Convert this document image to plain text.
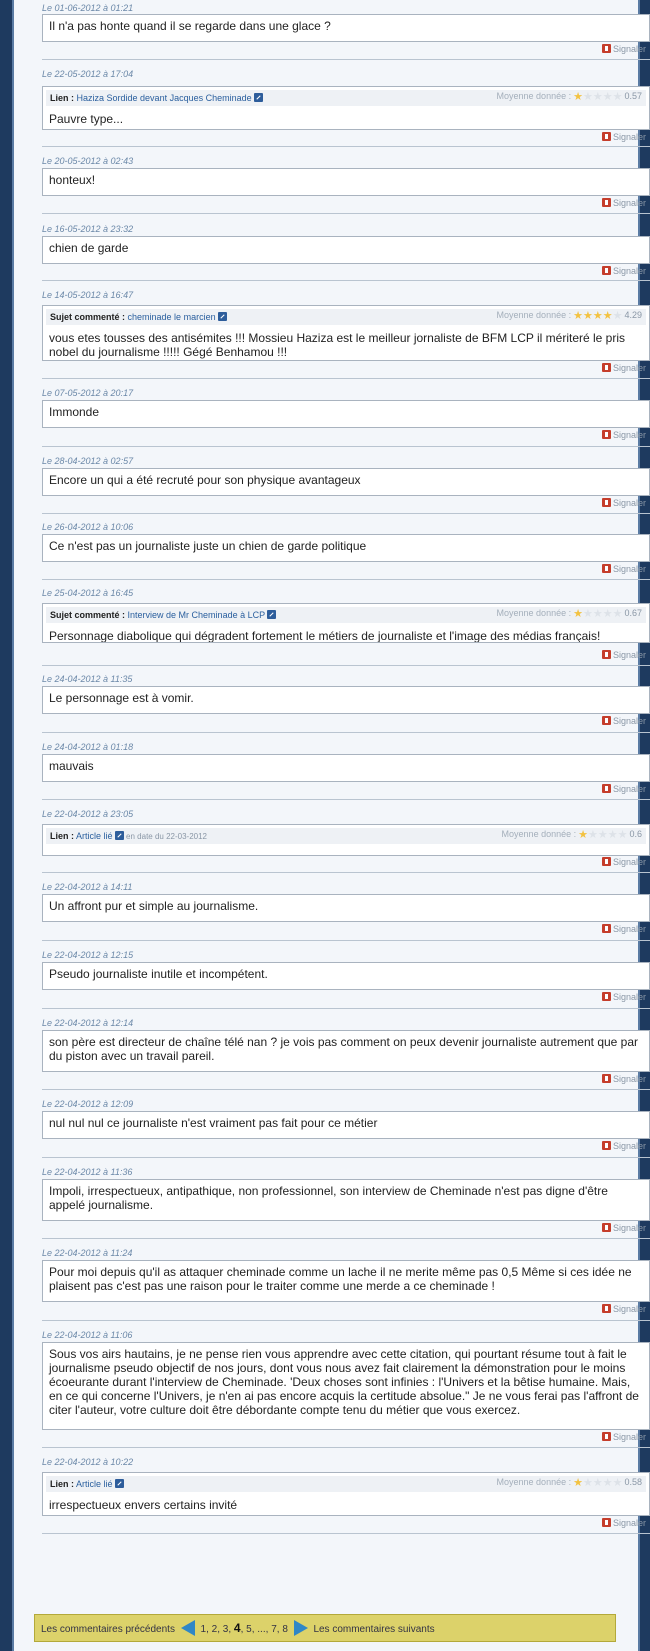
Le 01-06-2012 à 01:21
Il n'a pas honte quand il se regarde dans une glace ?
Signaler
Le 22-05-2012 à 17:04
Lien : Haziza Sordide devant Jacques Cheminade	Moyenne donnée : ★★★★★ 0.57
Pauvre type...
Signaler
Le 20-05-2012 à 02:43
honteux!
Signaler
Le 16-05-2012 à 23:32
chien de garde
Signaler
Le 14-05-2012 à 16:47
Sujet commenté : cheminade le marcien	Moyenne donnée : ★★★★★ 4.29
vous etes tousses des antisémites !!! Mossieu Haziza est le meilleur jornaliste de BFM LCP il mériteré le pris nobel du journalisme !!!!! Gégé Benhamou !!!
Signaler
Le 07-05-2012 à 20:17
Immonde
Signaler
Le 28-04-2012 à 02:57
Encore un qui a été recruté pour son physique avantageux
Signaler
Le 26-04-2012 à 10:06
Ce n'est pas un journaliste juste un chien de garde politique
Signaler
Le 25-04-2012 à 16:45
Sujet commenté : Interview de Mr Cheminade à LCP	Moyenne donnée : ★★★★★ 0.67
Personnage diabolique qui dégradent fortement le métiers de journaliste et l'image des médias français!
Signaler
Le 24-04-2012 à 11:35
Le personnage est à vomir.
Signaler
Le 24-04-2012 à 01:18
mauvais
Signaler
Le 22-04-2012 à 23:05
Lien : Article lié en date du 22-03-2012	Moyenne donnée : ★★★★★ 0.6
Signaler
Le 22-04-2012 à 14:11
Un affront pur et simple au journalisme.
Signaler
Le 22-04-2012 à 12:15
Pseudo journaliste inutile et incompétent.
Signaler
Le 22-04-2012 à 12:14
son père est directeur de chaîne télé nan ? je vois pas comment on peux devenir journaliste autrement que par du piston avec un travail pareil.
Signaler
Le 22-04-2012 à 12:09
nul nul nul ce journaliste n'est vraiment pas fait pour ce métier
Signaler
Le 22-04-2012 à 11:36
Impoli, irrespectueux, antipathique, non professionnel, son interview de Cheminade n'est pas digne d'être appelé journalisme.
Signaler
Le 22-04-2012 à 11:24
Pour moi depuis qu'il as attaquer cheminade comme un lache il ne merite même pas 0,5 Même si ces idée ne plaisent pas c'est pas une raison pour le traiter comme une merde a ce cheminade !
Signaler
Le 22-04-2012 à 11:06
Sous vos airs hautains, je ne pense rien vous apprendre avec cette citation, qui pourtant résume tout à fait le journalisme pseudo objectif de nos jours, dont vous nous avez fait clairement la démonstration pour le moins écoeurante durant l'interview de Cheminade. 'Deux choses sont infinies : l'Univers et la bêtise humaine. Mais, en ce qui concerne l'Univers, je n'en ai pas encore acquis la certitude absolue." Je ne vous ferai pas l'affront de citer l'auteur, votre culture doit être débordante compte tenu du métier que vous exercez.
Signaler
Le 22-04-2012 à 10:22
Lien : Article lié	Moyenne donnée : ★★★★★ 0.58
irrespectueux envers certains invité
Signaler
Les commentaires précédents	1, 2, 3, 4, 5, ..., 7, 8	Les commentaires suivants
